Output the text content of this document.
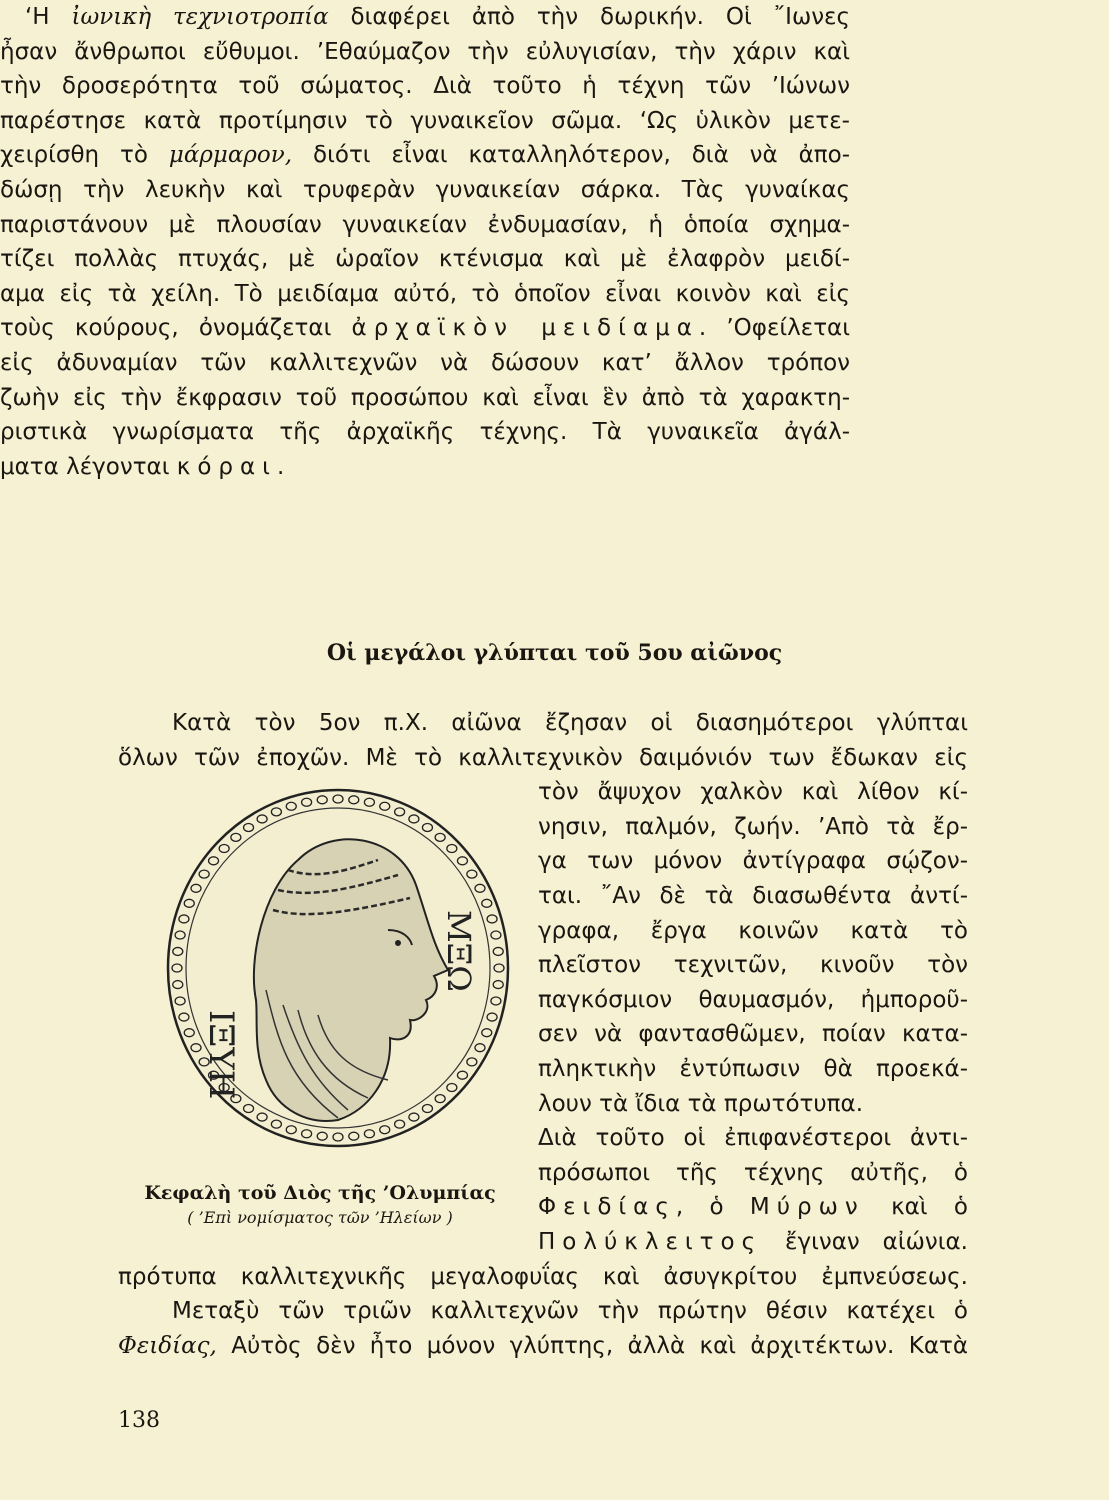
‘Η ἰωνικὴ τεχνιοτροπία διαφέρει ἀπὸ τὴν δωρικήν. Οἱ ῎Ιωνες
ἦσαν ἄνθρωποι εὔθυμοι. ’Εθαύμαζον τὴν εὐλυγισίαν, τὴν χάριν καὶ
τὴν δροσερότητα τοῦ σώματος. Διὰ τοῦτο ἡ τέχνη τῶν ’Ιώνων
παρέστησε κατὰ προτίμησιν τὸ γυναικεῖον σῶμα. ‘Ως ὑλικὸν μετε-
χειρίσθη τὸ μάρμαρον, διότι εἶναι καταλληλότερον, διὰ νὰ ἀπο-
δώσῃ τὴν λευκὴν καὶ τρυφερὰν γυναικείαν σάρκα. Τὰς γυναίκας
παριστάνουν μὲ πλουσίαν γυναικείαν ἐνδυμασίαν, ἡ ὁποία σχημα-
τίζει πολλὰς πτυχάς, μὲ ὡραῖον κτένισμα καὶ μὲ ἐλαφρὸν μειδί-
αμα εἰς τὰ χείλη. Τὸ μειδίαμα αὐτό, τὸ ὁποῖον εἶναι κοινὸν καὶ εἰς
τοὺς κούρους, ὀνομάζεται ἀρχαϊκὸν μειδίαμα. ’Οφείλεται
εἰς ἀδυναμίαν τῶν καλλιτεχνῶν νὰ δώσουν κατ’ ἄλλον τρόπον
ζωὴν εἰς τὴν ἔκφρασιν τοῦ προσώπου καὶ εἶναι ἓν ἀπὸ τὰ χαρακτη-
ριστικὰ γνωρίσματα τῆς ἀρχαϊκῆς τέχνης. Τὰ γυναικεῖα ἀγάλ-
ματα λέγονται κόραι.
Οἱ μεγάλοι γλύπται τοῦ 5ου αἰῶνος
Κατὰ τὸν 5ον π.Χ. αἰῶνα ἔζησαν οἱ διασημότεροι γλύπται
ὅλων τῶν ἐποχῶν. Μὲ τὸ καλλιτεχνικὸν δαιμόνιόν των ἔδωκαν εἰς
τὸν ἄψυχον χαλκὸν καὶ λίθον κί-
νησιν, παλμόν, ζωήν. ’Απὸ τὰ ἔρ-
γα των μόνον ἀντίγραφα σῴζον-
ται. ῎Αν δὲ τὰ διασωθέντα ἀντί-
γραφα, ἔργα κοινῶν κατὰ τὸ
πλεῖστον τεχνιτῶν, κινοῦν τὸν
παγκόσμιον θαυμασμόν, ἠμποροῦ-
σεν νὰ φαντασθῶμεν, ποίαν κατα-
πληκτικὴν ἐντύπωσιν θὰ προεκά-
λουν τὰ ἴδια τὰ πρωτότυπα.
Διὰ τοῦτο οἱ ἐπιφανέστεροι ἀντι-
πρόσωποι τῆς τέχνης αὐτῆς, ὁ
Φειδίας, ὁ Μύρων καὶ ὁ
Πολύκλειτος ἔγιναν αἰώνια.
πρότυπα καλλιτεχνικῆς μεγαλοφυΐας καὶ ἀσυγκρίτου ἐμπνεύσεως.
Μεταξὺ τῶν τριῶν καλλιτεχνῶν τὴν πρώτην θέσιν κατέχει ὁ
Φειδίας, Αὐτὸς δὲν ἦτο μόνον γλύπτης, ἀλλὰ καὶ ἀρχιτέκτων. Κατὰ
ΙΞΥΗ
ΜΞΩ
Κεφαλὴ τοῦ Διὸς τῆς ’Ολυμπίας
( ’Επὶ νομίσματος τῶν ’Ηλείων )
138
